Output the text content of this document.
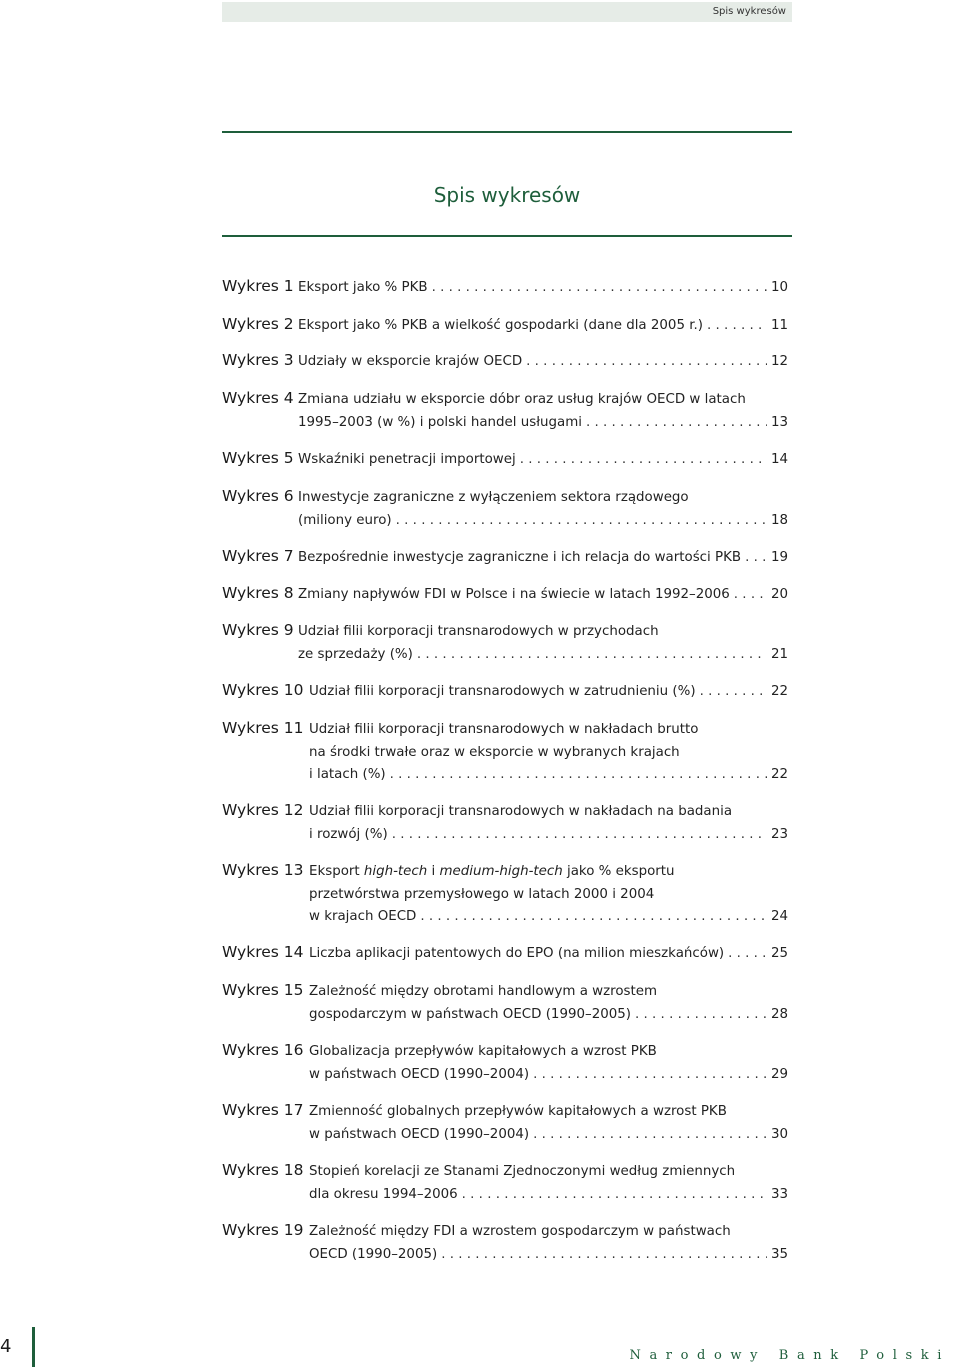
Spis wykresów
Spis wykresów
Wykres 1 Eksport jako % PKB . . .	10
Wykres 2 Eksport jako % PKB a wielkość gospodarki (dane dla 2005 r.) . . .	11
Wykres 3 Udziały w eksporcie krajów OECD . . .	12
Wykres 4 Zmiana udziału w eksporcie dóbr oraz usług krajów OECD w latach
1995–2003 (w %) i polski handel usługami . . .	13
Wykres 5 Wskaźniki penetracji importowej . . .	14
Wykres 6 Inwestycje zagraniczne z wyłączeniem sektora rządowego
(miliony euro) . . .	18
Wykres 7 Bezpośrednie inwestycje zagraniczne i ich relacja do wartości PKB . . . 19
Wykres 8 Zmiany napływów FDI w Polsce i na świecie w latach 1992–2006 . . .	20
Wykres 9 Udział filii korporacji transnarodowych w przychodach
ze sprzedaży (%) . . .	21
Wykres 10 Udział filii korporacji transnarodowych w zatrudnieniu (%) . . .	22
Wykres 11 Udział filii korporacji transnarodowych w nakładach brutto
na środki trwałe oraz w eksporcie w wybranych krajach
i latach (%) . . .	22
Wykres 12 Udział filii korporacji transnarodowych w nakładach na badania
i rozwój (%) . . .	23
Wykres 13 Eksport high-tech i medium-high-tech jako % eksportu
przetwórstwa przemysłowego w latach 2000 i 2004
w krajach OECD . . .	24
Wykres 14 Liczba aplikacji patentowych do EPO (na milion mieszkańców) . . .	25
Wykres 15 Zależność między obrotami handlowym a wzrostem
gospodarczym w państwach OECD (1990–2005) . . .	28
Wykres 16 Globalizacja przepływów kapitałowych a wzrost PKB
w państwach OECD (1990–2004) . . .	29
Wykres 17 Zmienność globalnych przepływów kapitałowych a wzrost PKB
w państwach OECD (1990–2004) . . .	30
Wykres 18 Stopień korelacji ze Stanami Zjednoczonymi według zmiennych
dla okresu 1994–2006 . . .	33
Wykres 19 Zależność między FDI a wzrostem gospodarczym w państwach
OECD (1990–2005) . . .	35
4	Narodowy Bank Polski
